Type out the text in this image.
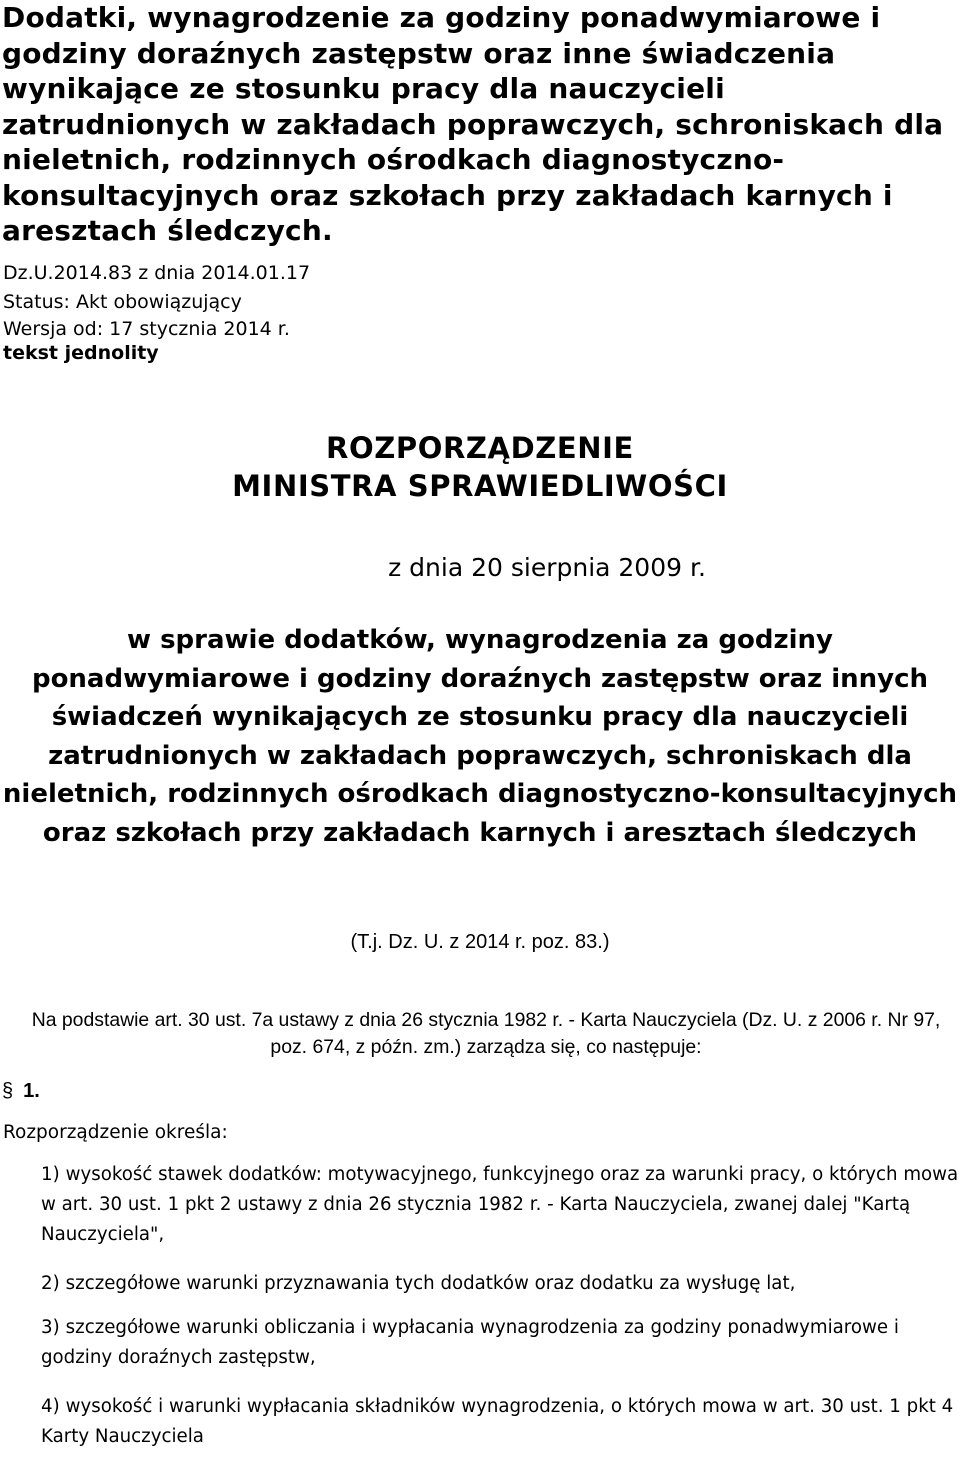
Dodatki, wynagrodzenie za godziny ponadwymiarowe i godziny doraźnych zastępstw oraz inne świadczenia wynikające ze stosunku pracy dla nauczycieli zatrudnionych w zakładach poprawczych, schroniskach dla nieletnich, rodzinnych ośrodkach diagnostyczno-konsultacyjnych oraz szkołach przy zakładach karnych i aresztach śledczych.
Dz.U.2014.83 z dnia 2014.01.17
Status: Akt obowiązujący
Wersja od: 17 stycznia 2014 r.
tekst jednolity
ROZPORZĄDZENIE
MINISTRA SPRAWIEDLIWOŚCI
z dnia 20 sierpnia 2009 r.
w sprawie dodatków, wynagrodzenia za godziny ponadwymiarowe i godziny doraźnych zastępstw oraz innych świadczeń wynikających ze stosunku pracy dla nauczycieli zatrudnionych w zakładach poprawczych, schroniskach dla nieletnich, rodzinnych ośrodkach diagnostyczno-konsultacyjnych oraz szkołach przy zakładach karnych i aresztach śledczych
(T.j. Dz. U. z 2014 r. poz. 83.)

Na podstawie art. 30 ust. 7a ustawy z dnia 26 stycznia 1982 r. - Karta Nauczyciela (Dz. U. z 2006 r. Nr 97, poz. 674, z późn. zm.) zarządza się, co następuje:

§ 1.
Rozporządzenie określa:
1) wysokość stawek dodatków: motywacyjnego, funkcyjnego oraz za warunki pracy, o których mowa w art. 30 ust. 1 pkt 2 ustawy z dnia 26 stycznia 1982 r. - Karta Nauczyciela, zwanej dalej "Kartą Nauczyciela",
2) szczegółowe warunki przyznawania tych dodatków oraz dodatku za wysługę lat,
3) szczegółowe warunki obliczania i wypłacania wynagrodzenia za godziny ponadwymiarowe i godziny doraźnych zastępstw,
4) wysokość i warunki wypłacania składników wynagrodzenia, o których mowa w art. 30 ust. 1 pkt 4 Karty Nauczyciela
